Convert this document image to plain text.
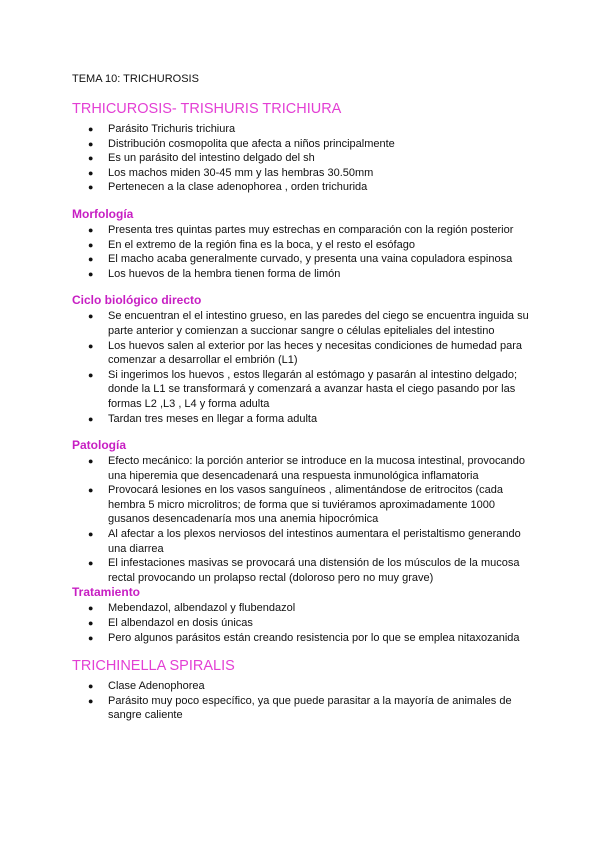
TEMA 10: TRICHUROSIS
TRHICUROSIS- TRISHURIS TRICHIURA
● Parásito Trichuris trichiura
● Distribución cosmopolita que afecta a niños principalmente
● Es un parásito del intestino delgado del sh
● Los machos miden 30-45 mm y las hembras 30.50mm
● Pertenecen a la clase adenophorea , orden trichurida
Morfología
● Presenta tres quintas partes muy estrechas en comparación con la región posterior
● En el extremo de la región fina es la boca, y el resto el esófago
● El macho acaba generalmente curvado, y presenta una vaina copuladora espinosa
● Los huevos de la hembra tienen forma de limón
Ciclo biológico directo
● Se encuentran el el intestino grueso, en las paredes del ciego se encuentra inguida su parte anterior y comienzan a succionar sangre o células epiteliales del intestino
● Los huevos salen al exterior por las heces y necesitas condiciones de humedad para comenzar a desarrollar el embrión (L1)
● Si ingerimos los huevos , estos llegarán al estómago y pasarán al intestino delgado; donde la L1 se transformará y comenzará a avanzar hasta el ciego pasando por las formas L2 ,L3 , L4 y forma adulta
● Tardan tres meses en llegar a forma adulta
Patología
● Efecto mecánico: la porción anterior se introduce en la mucosa intestinal, provocando una hiperemia que desencadenará una respuesta inmunológica inflamatoria
● Provocará lesiones en los vasos sanguíneos , alimentándose de eritrocitos (cada hembra 5 micro microlitros; de forma que si tuviéramos aproximadamente 1000 gusanos desencadenaría mos una anemia hipocrómica
● Al afectar a los plexos nerviosos del intestinos aumentara el peristaltismo generando una diarrea
● El infestaciones masivas se provocará una distensión de los músculos de la mucosa rectal provocando un prolapso rectal (doloroso pero no muy grave)
Tratamiento
● Mebendazol, albendazol y flubendazol
● El albendazol en dosis únicas
● Pero algunos parásitos están creando resistencia por lo que se emplea nitaxozanida
TRICHINELLA SPIRALIS
● Clase Adenophorea
● Parásito muy poco específico, ya que puede parasitar a la mayoría de animales de sangre caliente
